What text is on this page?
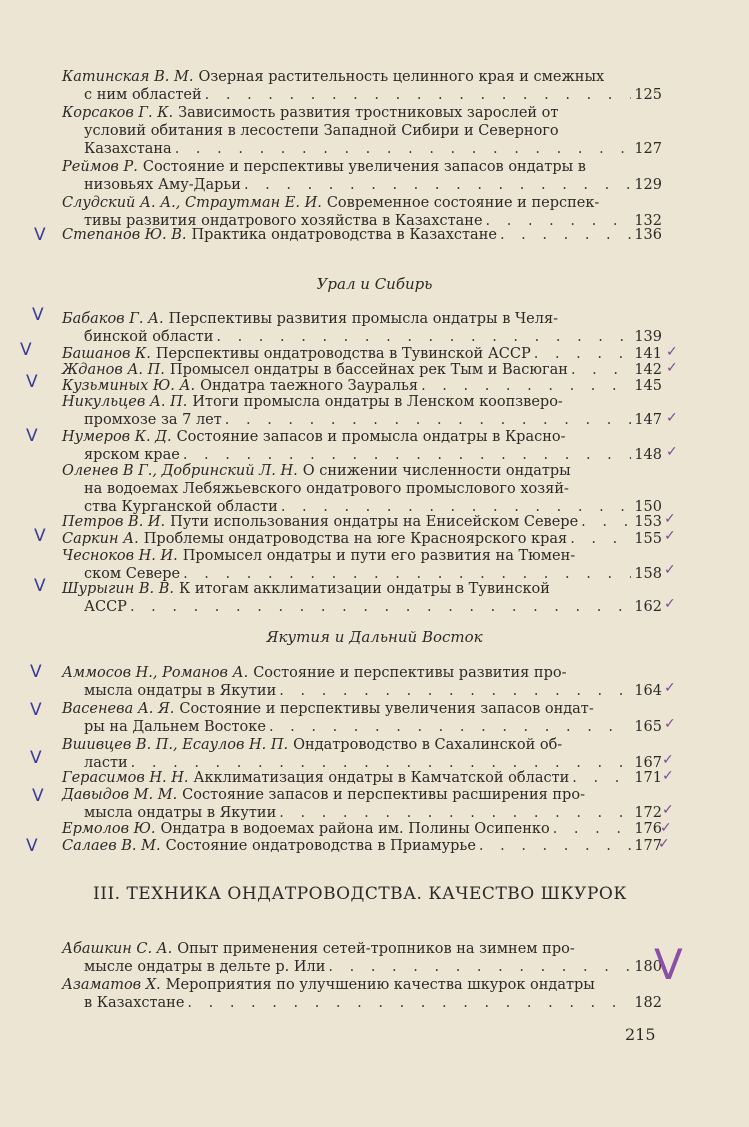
Катинская В. М. Озерная растительность целинного края и смежных
с ним областей . . .	125
Корсаков Г. К. Зависимость развития тростниковых зарослей от
условий обитания в лесостепи Западной Сибири и Северного
Казахстана . . .	127
Реймов Р. Состояние и перспективы увеличения запасов ондатры в
низовьях Аму-Дарьи . . .	129
Слудский А. А., Страутман Е. И. Современное состояние и перспек-
тивы развития ондатрового хозяйства в Казахстане . . .	132
Степанов Ю. В. Практика ондатроводства в Казахстане . . .	136
Урал и Сибирь
Бабаков Г. А. Перспективы развития промысла ондатры в Челя-
бинской области . . .	139
Башанов К. Перспективы ондатроводства в Тувинской АССР . . .	141
Жданов А. П. Промысел ондатры в бассейнах рек Тым и Васюган . . .	142
Кузьминых Ю. А. Ондатра таежного Зауралья . . .	145
Никульцев А. П. Итоги промысла ондатры в Ленском коопзверо-
промхозе за 7 лет . . .	147
Нумеров К. Д. Состояние запасов и промысла ондатры в Красно-
ярском крае . . .	148
Оленев В Г., Добринский Л. Н. О снижении численности ондатры
на водоемах Лебяжьевского ондатрового промыслового хозяй-
ства Курганской области . . .	150
Петров В. И. Пути использования ондатры на Енисейском Севере . . .	153
Саркин А. Проблемы ондатроводства на юге Красноярского края . . .	155
Чесноков Н. И. Промысел ондатры и пути его развития на Тюмен-
ском Севере . . .	158
Шурыгин В. В. К итогам акклиматизации ондатры в Тувинской
АССР . . .	162
Якутия и Дальний Восток
Аммосов Н., Романов А. Состояние и перспективы развития про-
мысла ондатры в Якутии . . .	164
Васенева А. Я. Состояние и перспективы увеличения запасов ондат-
ры на Дальнем Востоке . . .	165
Вшивцев В. П., Есаулов Н. П. Ондатроводство в Сахалинской об-
ласти . . .	167
Герасимов Н. Н. Акклиматизация ондатры в Камчатской области . . .	171
Давыдов М. М. Состояние запасов и перспективы расширения про-
мысла ондатры в Якутии . . .	172
Ермолов Ю. Ондатра в водоемах района им. Полины Осипенко . . .	176
Салаев В. М. Состояние ондатроводства в Приамурье . . .	177
III. ТЕХНИКА ОНДАТРОВОДСТВА. КАЧЕСТВО ШКУРОК
Абашкин С. А. Опыт применения сетей-тропников на зимнем про-
мысле ондатры в дельте р. Или . . .	180
Азаматов Х. Мероприятия по улучшению качества шкурок ондатры
в Казахстане . . .	182
215
V
V
V
V
V
V
V
V
V
V
V
V
✓
✓
✓
✓
✓
✓
✓
✓
✓
✓
✓
✓
✓
✓
✓
V
